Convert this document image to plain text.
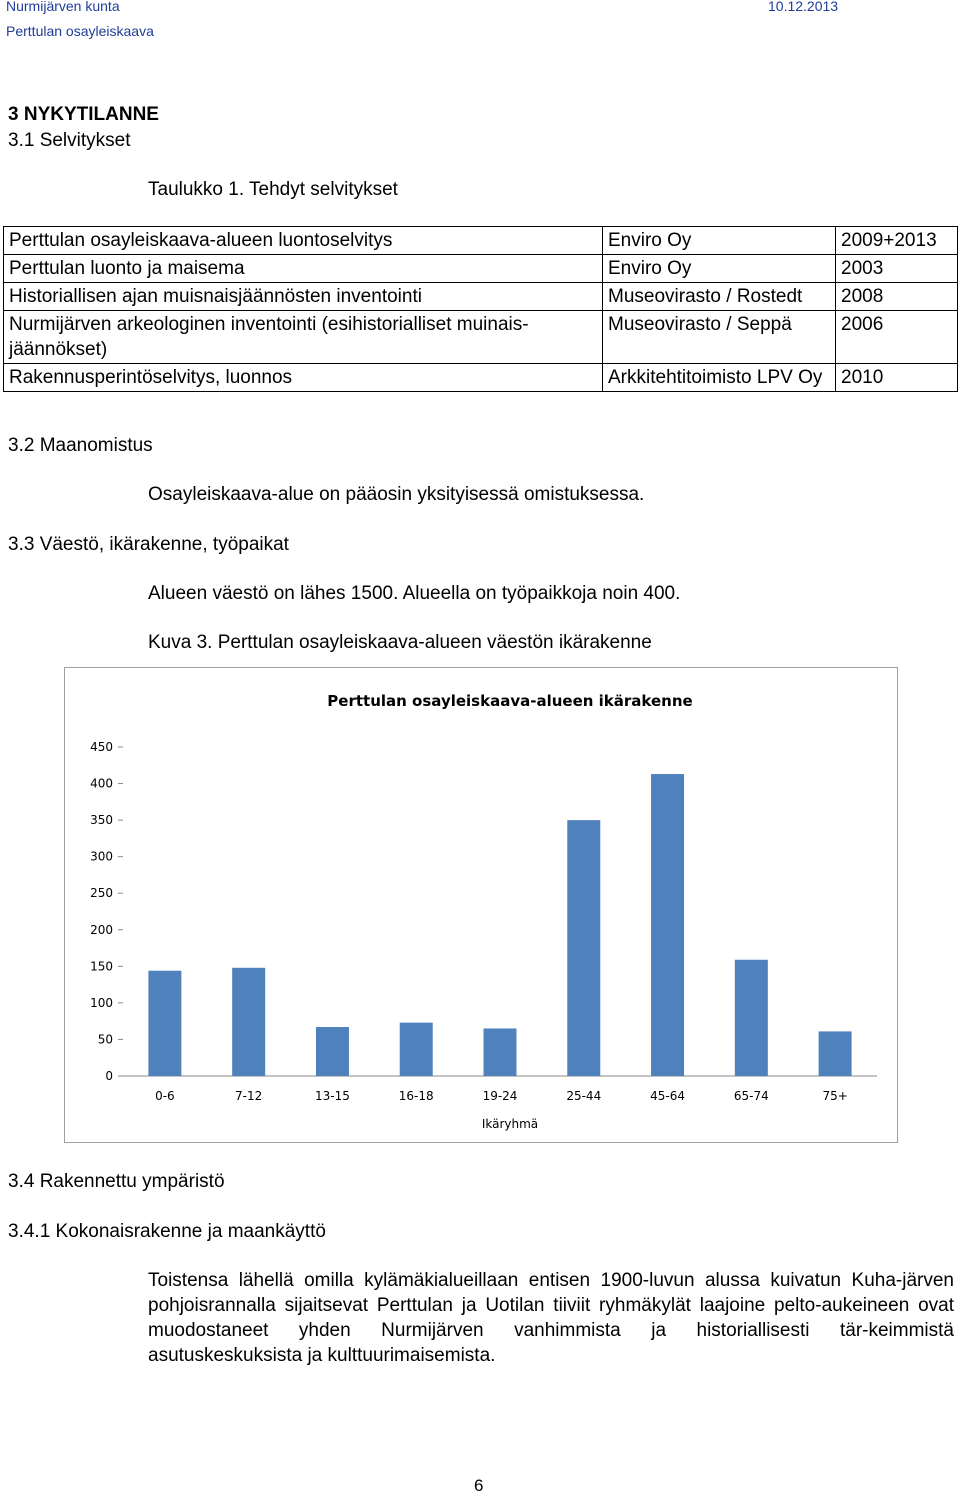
Nurmijärven kunta
Perttulan osayleiskaava
10.12.2013
3 NYKYTILANNE
3.1 Selvitykset
Taulukko 1. Tehdyt selvitykset
Perttulan osayleiskaava-alueen luontoselvitys	Enviro Oy	2009+2013
Perttulan luonto ja maisema	Enviro Oy	2003
Historiallisen ajan muisnaisjäännösten inventointi	Museovirasto / Rostedt	2008
Nurmijärven arkeologinen inventointi (esihistorialliset muinais-jäännökset)	Museovirasto / Seppä	2006
Rakennusperintöselvitys, luonnos	Arkkitehtitoimisto LPV Oy	2010
3.2 Maanomistus
Osayleiskaava-alue on pääosin yksityisessä omistuksessa.
3.3 Väestö, ikärakenne, työpaikat
Alueen väestö on lähes 1500. Alueella on työpaikkoja noin 400.
Kuva 3. Perttulan osayleiskaava-alueen väestön ikärakenne
Perttulan osayleiskaava-alueen ikärakenne
0
50
100
150
200
250
300
350
400
450
0-6	7-12	13-15	16-18	19-24	25-44	45-64	65-74	75+
Ikäryhmä
3.4 Rakennettu ympäristö
3.4.1 Kokonaisrakenne ja maankäyttö
Toistensa lähellä omilla kylämäkialueillaan entisen 1900-luvun alussa kuivatun Kuha-järven pohjoisrannalla sijaitsevat Perttulan ja Uotilan tiiviit ryhmäkylät laajoine pelto-aukeineen ovat muodostaneet yhden Nurmijärven vanhimmista ja historiallisesti tär-keimmistä asutuskeskuksista ja kulttuurimaisemista.
6
